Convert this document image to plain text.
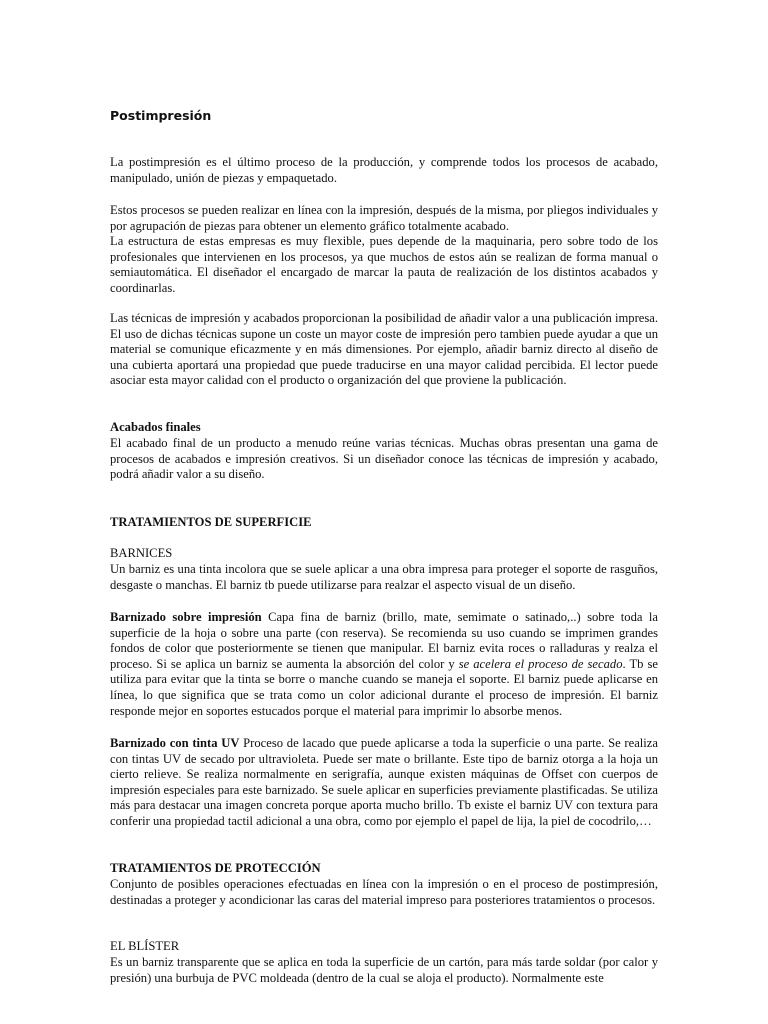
Postimpresión

La postimpresión es el último proceso de la producción, y comprende todos los procesos de acabado, manipulado, unión de piezas y empaquetado.

Estos procesos se pueden realizar en línea con la impresión, después de la misma, por pliegos individuales y por agrupación de piezas para obtener un elemento gráfico totalmente acabado.

La estructura de estas empresas es muy flexible, pues depende de la maquinaria, pero sobre todo de los profesionales que intervienen en los procesos, ya que muchos de estos aún se realizan de forma manual o semiautomática. El diseñador el encargado de marcar la pauta de realización de los distintos acabados y coordinarlas.

Las técnicas de impresión y acabados proporcionan la posibilidad de añadir valor a una publicación impresa. El uso de dichas técnicas supone un coste un mayor coste de impresión pero tambien puede ayudar a que un material se comunique eficazmente y en más dimensiones. Por ejemplo, añadir barniz directo al diseño de una cubierta aportará una propiedad que puede traducirse en una mayor calidad percibida. El lector puede asociar esta mayor calidad con el producto o organización del que proviene la publicación.

Acabados finales

El acabado final de un producto a menudo reúne varias técnicas. Muchas obras presentan una gama de procesos de acabados e impresión creativos. Si un diseñador conoce las técnicas de impresión y acabado, podrá añadir valor a su diseño.

TRATAMIENTOS DE SUPERFICIE
BARNICES

Un barniz es una tinta incolora que se suele aplicar a una obra impresa para proteger el soporte de rasguños, desgaste o manchas. El barniz tb puede utilizarse para realzar el aspecto visual de un diseño.

Barnizado sobre impresión Capa fina de barniz (brillo, mate, semimate o satinado,..) sobre toda la superficie de la hoja o sobre una parte (con reserva). Se recomienda su uso cuando se imprimen grandes fondos de color que posteriormente se tienen que manipular. El barniz evita roces o ralladuras y realza el proceso. Si se aplica un barniz se aumenta la absorción del color y se acelera el proceso de secado. Tb se utiliza para evitar que la tinta se borre o manche cuando se maneja el soporte. El barniz puede aplicarse en línea, lo que significa que se trata como un color adicional durante el proceso de impresión. El barniz responde mejor en soportes estucados porque el material para imprimir lo absorbe menos.

Barnizado con tinta UV Proceso de lacado que puede aplicarse a toda la superficie o una parte. Se realiza con tintas UV de secado por ultravioleta. Puede ser mate o brillante. Este tipo de barniz otorga a la hoja un cierto relieve. Se realiza normalmente en serigrafía, aunque existen máquinas de Offset con cuerpos de impresión especiales para este barnizado. Se suele aplicar en superficies previamente plastificadas. Se utiliza más para destacar una imagen concreta porque aporta mucho brillo. Tb existe el barniz UV con textura para conferir una propiedad tactil adicional a una obra, como por ejemplo el papel de lija, la piel de cocodrilo,…

TRATAMIENTOS DE PROTECCIÓN

Conjunto de posibles operaciones efectuadas en línea con la impresión o en el proceso de postimpresión, destinadas a proteger y acondicionar las caras del material impreso para posteriores tratamientos o procesos.

EL BLÍSTER

Es un barniz transparente que se aplica en toda la superficie de un cartón, para más tarde soldar (por calor y presión) una burbuja de PVC moldeada (dentro de la cual se aloja el producto). Normalmente este
